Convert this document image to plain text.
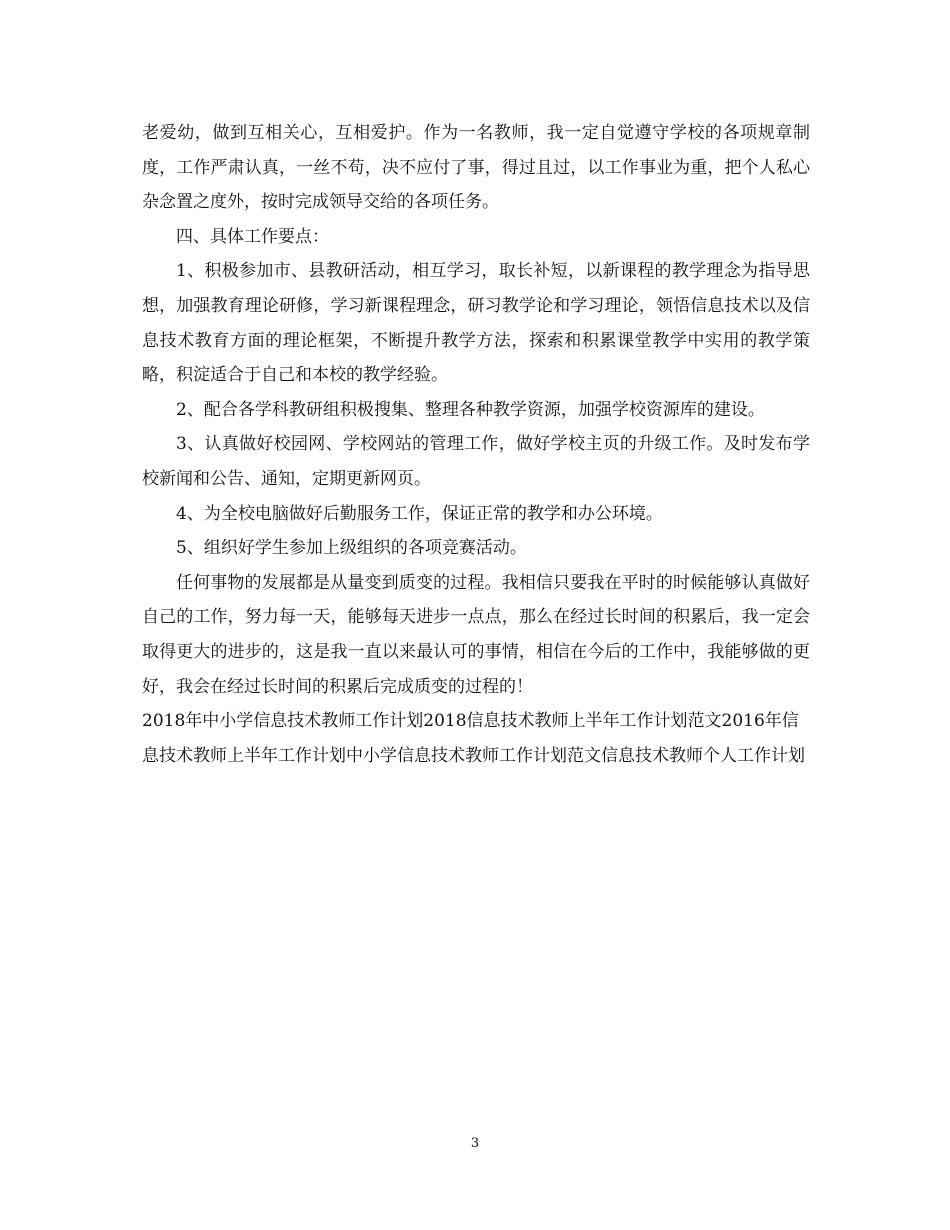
老爱幼，做到互相关心，互相爱护。作为一名教师，我一定自觉遵守学校的各项规章制度，工作严肃认真，一丝不苟，决不应付了事，得过且过，以工作事业为重，把个人私心杂念置之度外，按时完成领导交给的各项任务。

四、具体工作要点：

1、积极参加市、县教研活动，相互学习，取长补短，以新课程的教学理念为指导思想，加强教育理论研修，学习新课程理念，研习教学论和学习理论，领悟信息技术以及信息技术教育方面的理论框架，不断提升教学方法，探索和积累课堂教学中实用的教学策略，积淀适合于自己和本校的教学经验。

2、配合各学科教研组积极搜集、整理各种教学资源，加强学校资源库的建设。

3、认真做好校园网、学校网站的管理工作，做好学校主页的升级工作。及时发布学校新闻和公告、通知，定期更新网页。

4、为全校电脑做好后勤服务工作，保证正常的教学和办公环境。

5、组织好学生参加上级组织的各项竞赛活动。

任何事物的发展都是从量变到质变的过程。我相信只要我在平时的时候能够认真做好自己的工作，努力每一天，能够每天进步一点点，那么在经过长时间的积累后，我一定会取得更大的进步的，这是我一直以来最认可的事情，相信在今后的工作中，我能够做的更好，我会在经过长时间的积累后完成质变的过程的！

2018年中小学信息技术教师工作计划2018信息技术教师上半年工作计划范文2016年信息技术教师上半年工作计划中小学信息技术教师工作计划范文信息技术教师个人工作计划

3
